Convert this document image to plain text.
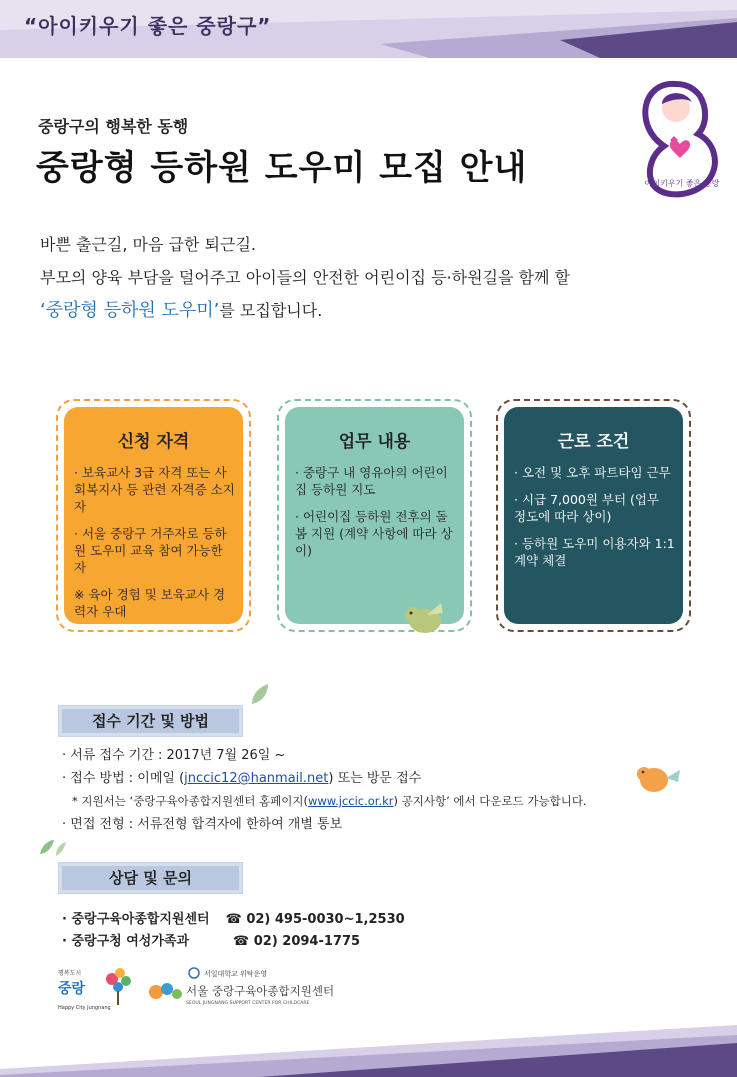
“아이키우기 좋은 중랑구”
아이키우기 좋은 중랑
중랑구의 행복한 동행
중랑형 등하원 도우미 모집 안내
바쁜 출근길, 마음 급한 퇴근길.
부모의 양육 부담을 덜어주고 아이들의 안전한 어린이집 등·하원길을 함께 할
‘중랑형 등하원 도우미’를 모집합니다.
신청 자격
· 보육교사 3급 자격 또는 사회복지사 등 관련 자격증 소지자
· 서울 중랑구 거주자로 등하원 도우미 교육 참여 가능한 자
※ 육아 경험 및 보육교사 경력자 우대
업무 내용
· 중랑구 내 영유아의 어린이집 등하원 지도
· 어린이집 등하원 전후의 돌봄 지원 (계약 사항에 따라 상이)
근로 조건
· 오전 및 오후 파트타임 근무
· 시급 7,000원 부터 (업무 정도에 따라 상이)
· 등하원 도우미 이용자와 1:1 계약 체결
접수 기간 및 방법
· 서류 접수 기간 : 2017년 7월 26일 ~
· 접수 방법 : 이메일 (jnccic12@hanmail.net) 또는 방문 접수
* 지원서는 ‘중랑구육아종합지원센터 홈페이지(www.jccic.or.kr) 공지사항’ 에서 다운로드 가능합니다.
· 면접 전형 : 서류전형 합격자에 한하여 개별 통보
상담 및 문의
· 중랑구육아종합지원센터 ☎ 02) 495-0030~1,2530
· 중랑구청 여성가족과	☎ 02) 2094-1775
행복도시
중랑
Happy City Jungnang
서일대학교 위탁운영
서울 중랑구육아종합지원센터
SEOUL JUNGNANG SUPPORT CENTER FOR CHILDCARE
